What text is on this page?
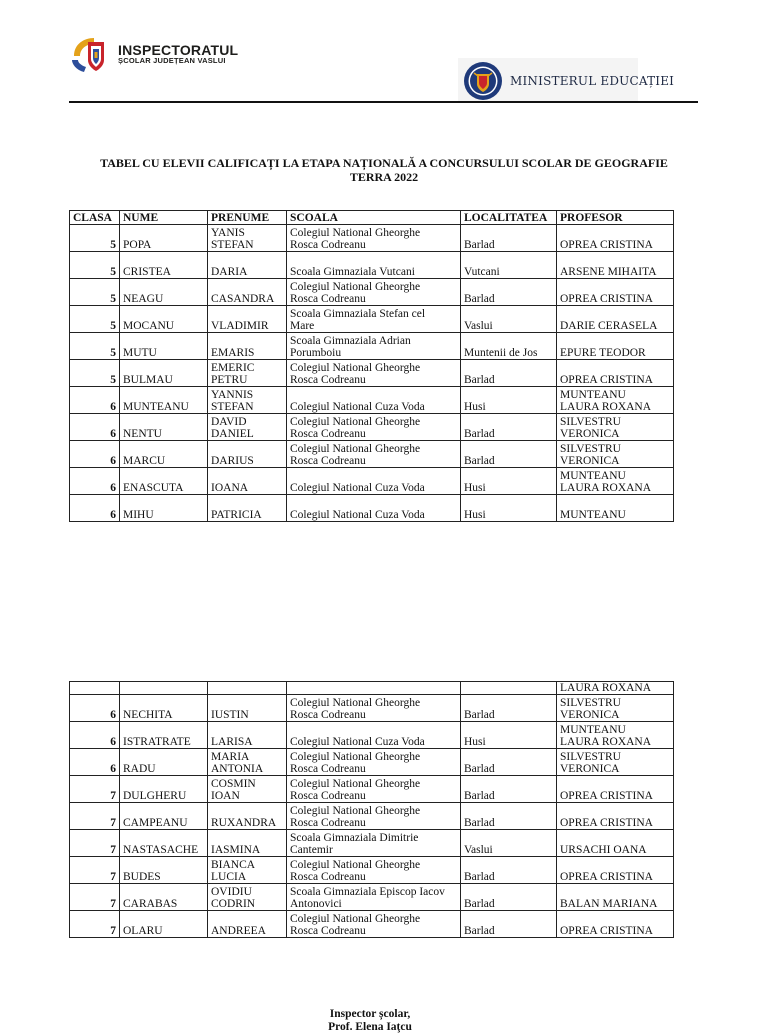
INSPECTORATUL
ȘCOLAR JUDEȚEAN VASLUI
MINISTERUL EDUCAȚIEI
TABEL CU ELEVII CALIFICAȚI LA ETAPA NAȚIONALĂ A CONCURSULUI SCOLAR DE GEOGRAFIE
TERRA 2022
CLASA	NUME	PRENUME	SCOALA	LOCALITATEA	PROFESOR
5	POPA	YANIS
STEFAN	Colegiul National Gheorghe
Rosca Codreanu	Barlad	OPREA CRISTINA

5	CRISTEA	DARIA	Scoala Gimnaziala Vutcani	Vutcani	ARSENE MIHAITA

5	NEAGU	CASANDRA	Colegiul National Gheorghe
Rosca Codreanu	Barlad	OPREA CRISTINA

5	MOCANU	VLADIMIR	Scoala Gimnaziala Stefan cel
Mare	Vaslui	DARIE CERASELA

5	MUTU	EMARIS	Scoala Gimnaziala Adrian
Porumboiu	Muntenii de Jos	EPURE TEODOR

5	BULMAU	EMERIC
PETRU	Colegiul National Gheorghe
Rosca Codreanu	Barlad	OPREA CRISTINA

6	MUNTEANU	YANNIS
STEFAN	Colegiul National Cuza Voda	Husi	MUNTEANU
LAURA ROXANA

6	NENTU	DAVID
DANIEL	Colegiul National Gheorghe
Rosca Codreanu	Barlad	SILVESTRU
VERONICA

6	MARCU	DARIUS	Colegiul National Gheorghe
Rosca Codreanu	Barlad	SILVESTRU
VERONICA

6	ENASCUTA	IOANA	Colegiul National Cuza Voda	Husi	MUNTEANU
LAURA ROXANA

6	MIHU	PATRICIA	Colegiul National Cuza Voda	Husi	MUNTEANU
					LAURA ROXANA
6	NECHITA	IUSTIN	Colegiul National Gheorghe
Rosca Codreanu	Barlad	SILVESTRU
VERONICA

6	ISTRATRATE	LARISA	Colegiul National Cuza Voda	Husi	MUNTEANU
LAURA ROXANA

6	RADU	MARIA
ANTONIA	Colegiul National Gheorghe
Rosca Codreanu	Barlad	SILVESTRU
VERONICA

7	DULGHERU	COSMIN
IOAN	Colegiul National Gheorghe
Rosca Codreanu	Barlad	OPREA CRISTINA

7	CAMPEANU	RUXANDRA	Colegiul National Gheorghe
Rosca Codreanu	Barlad	OPREA CRISTINA

7	NASTASACHE	IASMINA	Scoala Gimnaziala Dimitrie
Cantemir	Vaslui	URSACHI OANA

7	BUDES	BIANCA
LUCIA	Colegiul National Gheorghe
Rosca Codreanu	Barlad	OPREA CRISTINA

7	CARABAS	OVIDIU
CODRIN	Scoala Gimnaziala Episcop Iacov
Antonovici	Barlad	BALAN MARIANA

7	OLARU	ANDREEA	Colegiul National Gheorghe
Rosca Codreanu	Barlad	OPREA CRISTINA
Inspector școlar,
Prof. Elena Iaţcu
